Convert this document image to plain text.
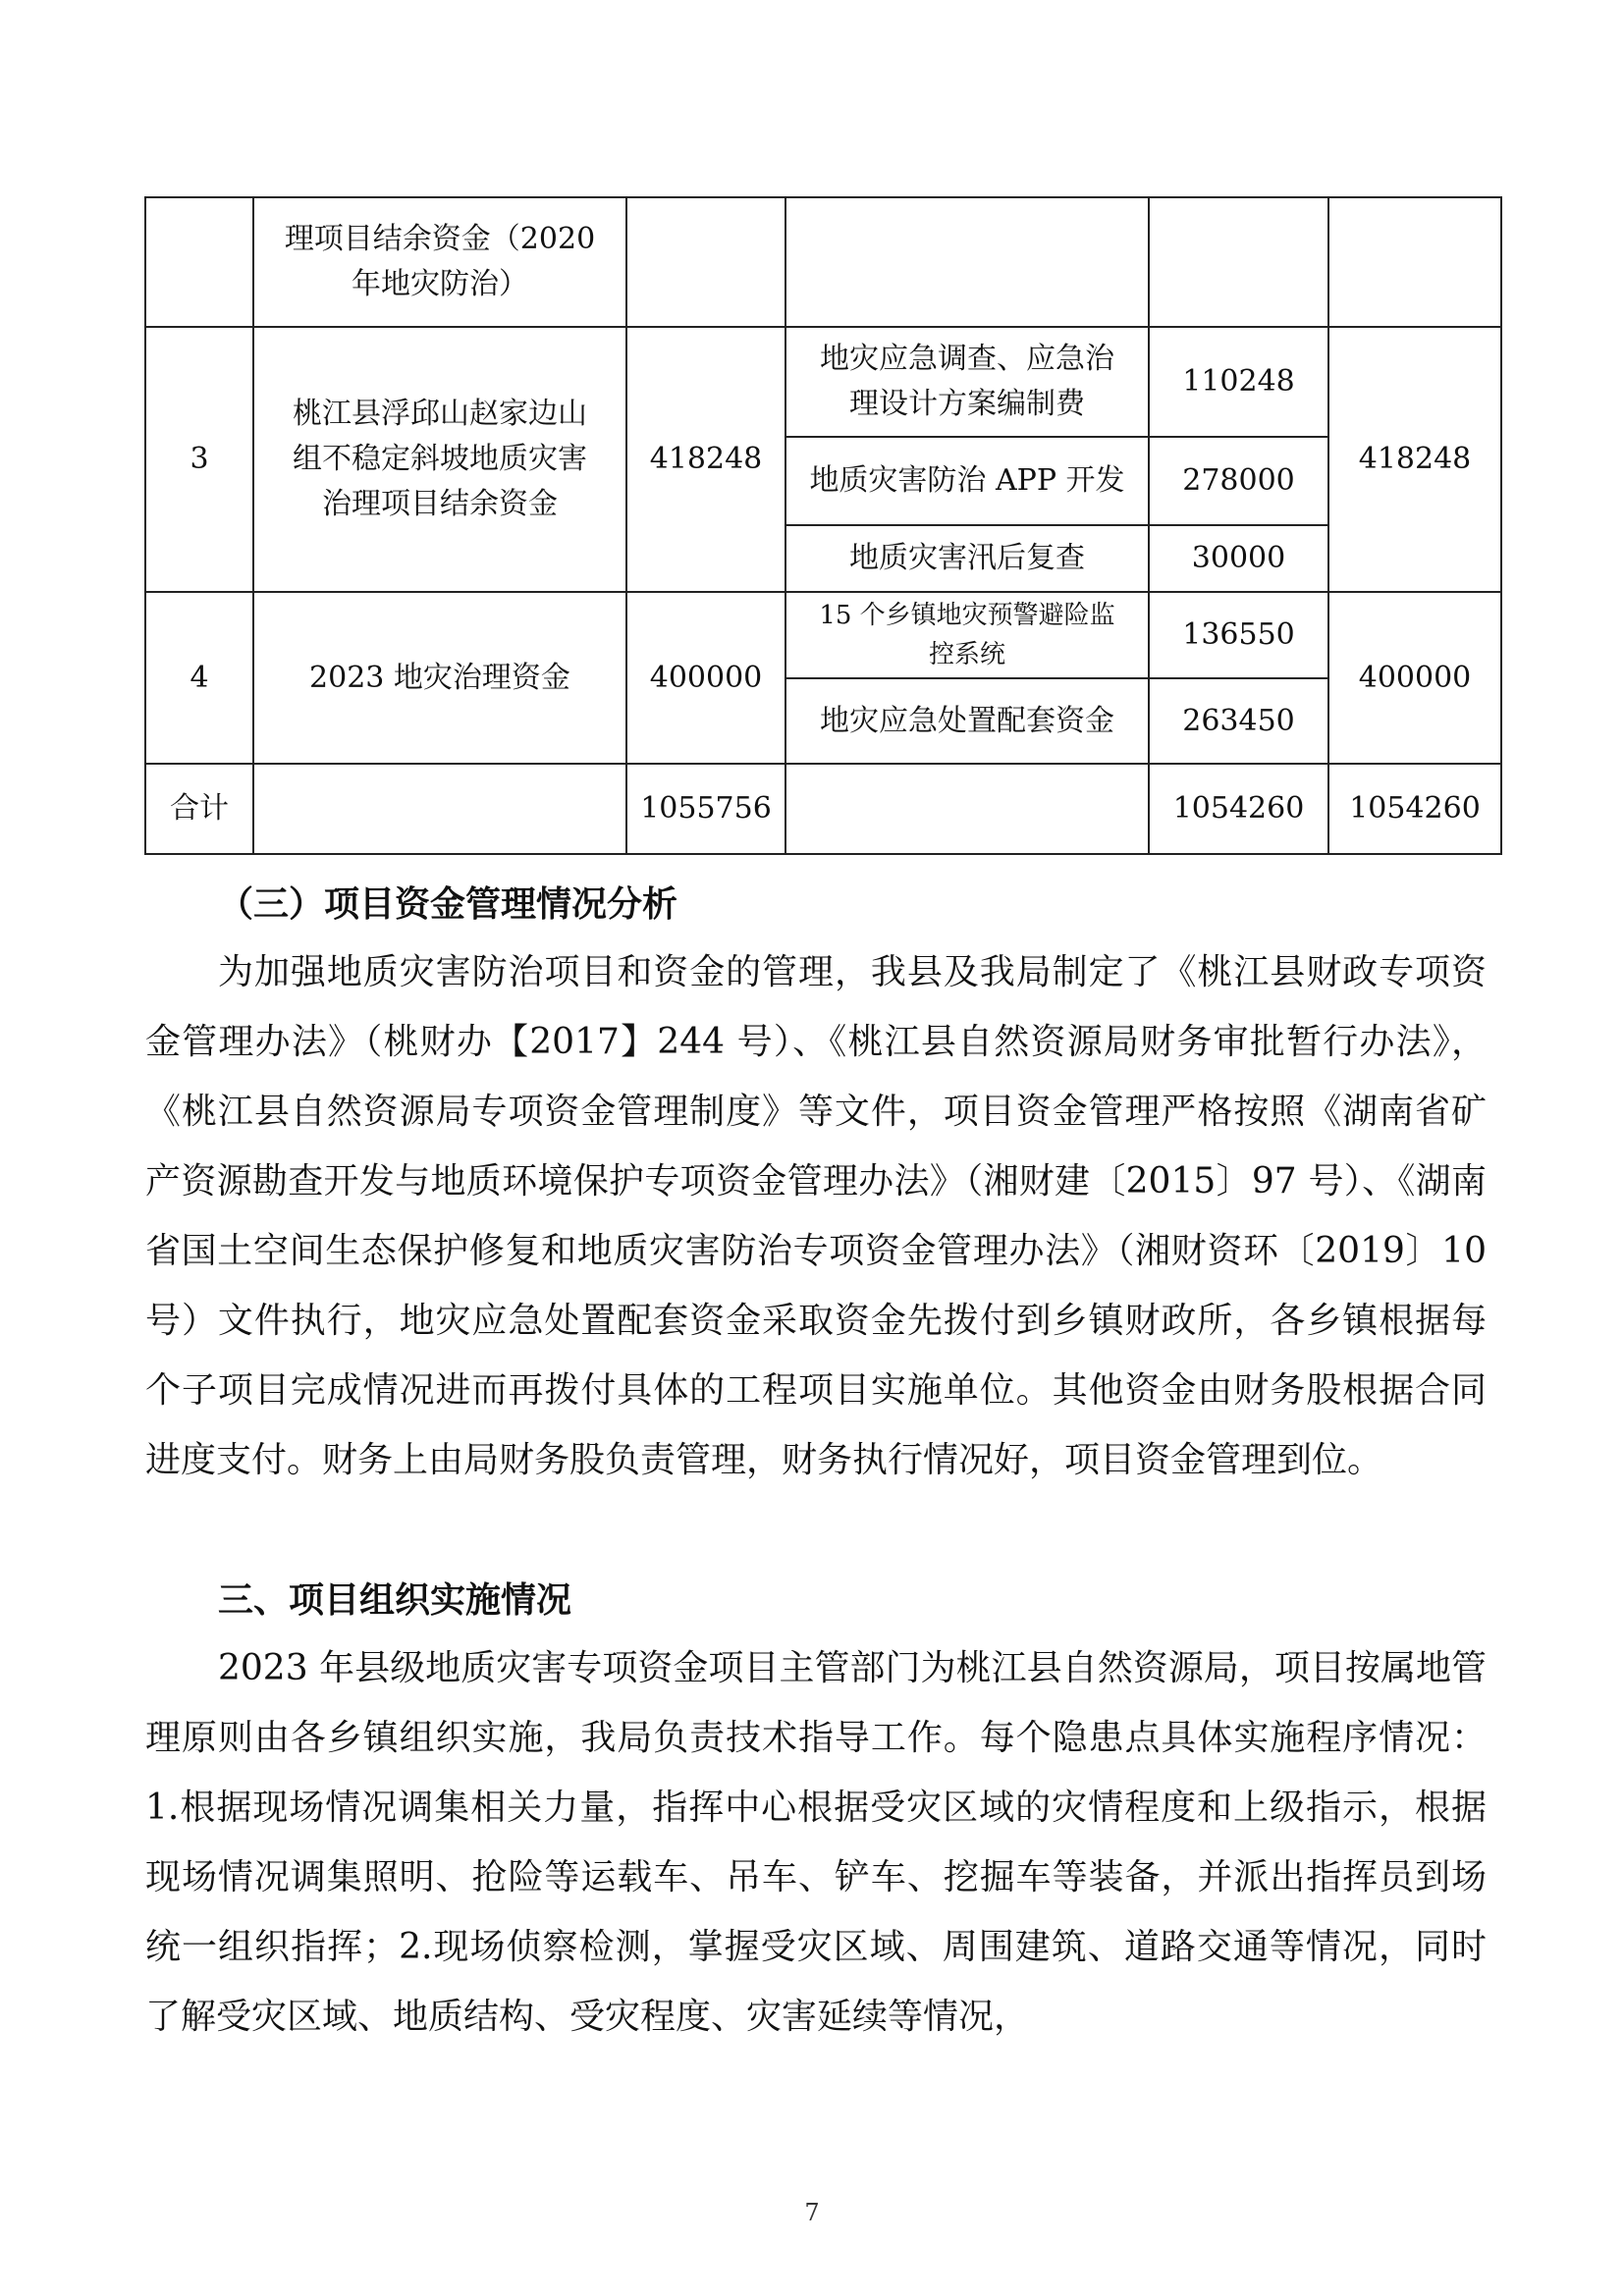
	理项目结余资金（2020
年地灾防治）				
3	桃江县浮邱山赵家边山
组不稳定斜坡地质灾害
治理项目结余资金	418248	地灾应急调查、应急治
理设计方案编制费	110248	418248
			地质灾害防治 APP 开发	278000	
			地质灾害汛后复查	30000	
4	2023 地灾治理资金	400000	15 个乡镇地灾预警避险监
控系统	136550	400000
			地灾应急处置配套资金	263450	
合计		1055756		1054260	1054260
（三）项目资金管理情况分析

为加强地质灾害防治项目和资金的管理，我县及我局制定了《桃江县财政专项资金管理办法》（桃财办【2017】244 号）、《桃江县自然资源局财务审批暂行办法》，《桃江县自然资源局专项资金管理制度》等文件，项目资金管理严格按照《湖南省矿产资源勘查开发与地质环境保护专项资金管理办法》（湘财建〔2015〕97 号）、《湖南省国土空间生态保护修复和地质灾害防治专项资金管理办法》（湘财资环〔2019〕10 号）文件执行，地灾应急处置配套资金采取资金先拨付到乡镇财政所，各乡镇根据每个子项目完成情况进而再拨付具体的工程项目实施单位。其他资金由财务股根据合同进度支付。财务上由局财务股负责管理，财务执行情况好，项目资金管理到位。

三、项目组织实施情况

2023 年县级地质灾害专项资金项目主管部门为桃江县自然资源局，项目按属地管理原则由各乡镇组织实施，我局负责技术指导工作。每个隐患点具体实施程序情况：1.根据现场情况调集相关力量，指挥中心根据受灾区域的灾情程度和上级指示，根据现场情况调集照明、抢险等运载车、吊车、铲车、挖掘车等装备，并派出指挥员到场统一组织指挥；2.现场侦察检测，掌握受灾区域、周围建筑、道路交通等情况，同时了解受灾区域、地质结构、受灾程度、灾害延续等情况，

7
